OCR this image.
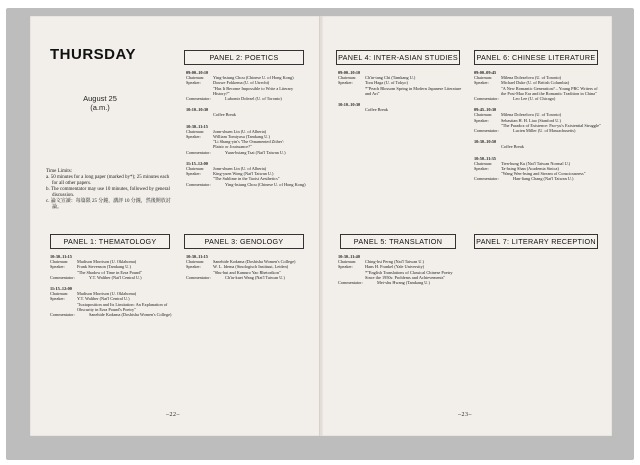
THURSDAY
August 25
(a.m.)
Time Limits:
a. 50 minutes for a long paper (marked by*); 25 minutes each for all other papers.
b. The commentator may use 10 minutes, followed by general discussion.
c. 論文宣讀：每篇限 25 分鐘，講評 10 分鐘，然後開放討論。
PANEL 2: POETICS
09:00–10:10
Chairman:	Ying-hsiung Chou (Chinese U. of Hong Kong)
Speaker:	Douwe Fokkema (U. of Utrecht)
"Has It Become Impossible to Write a Literary History?"
Commentator:	Lubomir Dolezel (U. of Toronto)
10:10–10:30
Coffee Break
10:30–11:15
Chairman:	Jonn-shuen Lin (U. of Alberta)
Speaker:	William Tomiyasu (Tamkang U.)
"Li Shang-yin's 'The Ornamented Zither':
Plaisir or Jouissance?"
Commentator:	Yuan-hsiang Tsai (Nat'l Taiwan U.)
11:15–12:00
Chairman:	Jonn-shuen Lin (U. of Alberta)
Speaker:	King-yuen Wong (Nat'l Taiwan U.)
"The Sublime in the Taoist Aesthetics"
Commentator:	Ying-hsiung Chou (Chinese U. of Hong Kong)
PANEL 1: THEMATOLOGY
10:30–11:15
Chairman:	Madison Morrison (U. Oklahoma)
Speaker:	Frank Stevenson (Tamkang U.)
"The Shadow of Time in Ezra Pound"
Commentator:	Y.T. Walther (Nat'l Central U.)
11:15–12:00
Chairman:	Madison Morrison (U. Oklahoma)
Speaker:	Y.T. Walther (Nat'l Central U.)
"Juxtaposition and Its Limitation: An Explanation of Obscurity in Ezra Pound's Poetry"
Commentator:	Sanehide Kodama (Doshisha Women's College)
PANEL 3: GENOLOGY
10:30–11:15
Chairman:	Sanehide Kodama (Doshisha Women's College)
Speaker:	W. L. Idema (Sinologisch Instituut, Leiden)
"Shu-hui and Kamuro Yao Rhetorikon"
Commentator:	Ch'iu-kuei Wang (Nat'l Taiwan U.)
–22–
PANEL 4: INTER-ASIAN STUDIES
09:00–10:10
Chairman:	Ch'in-tang Chi (Tamkang U.)
Speaker:	Toru Haga (U. of Tokyo)
*"Peach Blossom Spring in Modern Japanese Literature and Art"
10:10–10:30
Coffee Break
PANEL 6: CHINESE LITERATURE
09:00–09:45
Chairman:	Milena Dolezelova (U. of Toronto)
Speaker:	Michael Duke (U. of British Columbia)
"A New Romantic Generation? – Young PRC Writers of the Post-Mao Era and the Romantic Tradition in China"
Commentator:	Leo Lee (U. of Chicago)
09:45–10:30
Chairman:	Milena Dolezelova (U. of Toronto)
Speaker:	Sebastian H. H. Liao (Stanford U.)
"The Paradox of Existence: Pao-yu's Existential Struggle"
Commentator:	Lucien Miller (U. of Massachusetts)
10:30–10:50
Coffee Break
10:50–11:35
Chairman:	Tien-hung Ku (Nat'l Taiwan Normal U.)
Speaker:	Ta-hsing Shan (Academia Sinica)
"Wang Wen-hsing and Stream of Consciousness"
Commentator:	Han-liang Chang (Nat'l Taiwan U.)
PANEL 5: TRANSLATION
10:30–11:40
Chairman:	Ching-hsi Perng (Nat'l Taiwan U.)
Speaker:	Hans H. Frankel (Yale University)
*"English Translations of Classical Chinese Poetry Since the 1950s: Problems and Achievements"
Commentator:	Mei-shu Hwang (Tamkang U.)
PANEL 7: LITERARY RECEPTION
–23–
